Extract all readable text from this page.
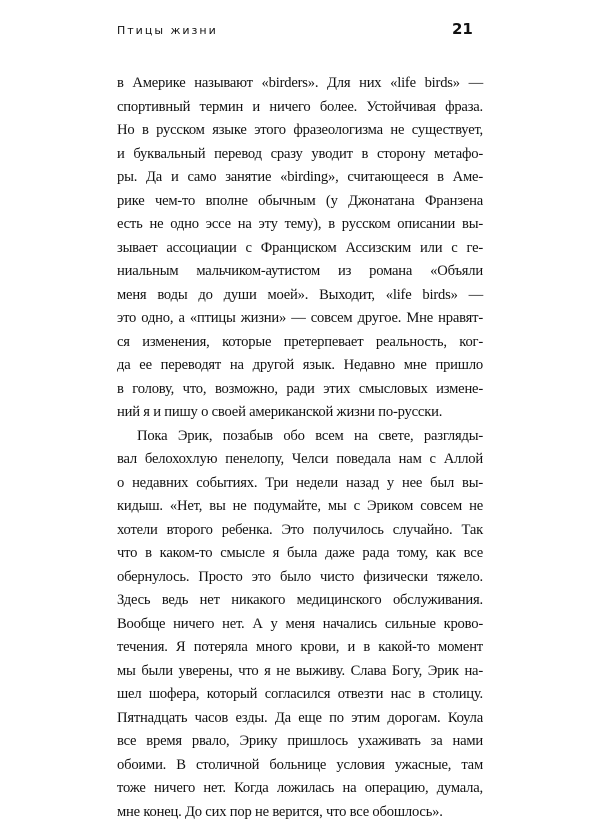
Птицы жизни	21
в Америке называют «birders». Для них «life birds» —
спортивный термин и ничего более. Устойчивая фраза.
Но в русском языке этого фразеологизма не существует,
и буквальный перевод сразу уводит в сторону метафо-
ры. Да и само занятие «birding», считающееся в Аме-
рике чем-то вполне обычным (у Джонатана Франзена
есть не одно эссе на эту тему), в русском описании вы-
зывает ассоциации с Франциском Ассизским или с ге-
ниальным мальчиком-аутистом из романа «Объяли
меня воды до души моей». Выходит, «life birds» —
это одно, а «птицы жизни» — совсем другое. Мне нравят-
ся изменения, которые претерпевает реальность, ког-
да ее переводят на другой язык. Недавно мне пришло
в голову, что, возможно, ради этих смысловых измене-
ний я и пишу о своей американской жизни по-русски.
Пока Эрик, позабыв обо всем на свете, разгляды-
вал белохохлую пенелопу, Челси поведала нам с Аллой
о недавних событиях. Три недели назад у нее был вы-
кидыш. «Нет, вы не подумайте, мы с Эриком совсем не
хотели второго ребенка. Это получилось случайно. Так
что в каком-то смысле я была даже рада тому, как все
обернулось. Просто это было чисто физически тяжело.
Здесь ведь нет никакого медицинского обслуживания.
Вообще ничего нет. А у меня начались сильные крово-
течения. Я потеряла много крови, и в какой-то момент
мы были уверены, что я не выживу. Слава Богу, Эрик на-
шел шофера, который согласился отвезти нас в столицу.
Пятнадцать часов езды. Да еще по этим дорогам. Коула
все время рвало, Эрику пришлось ухаживать за нами
обоими. В столичной больнице условия ужасные, там
тоже ничего нет. Когда ложилась на операцию, думала,
мне конец. До сих пор не верится, что все обошлось».
